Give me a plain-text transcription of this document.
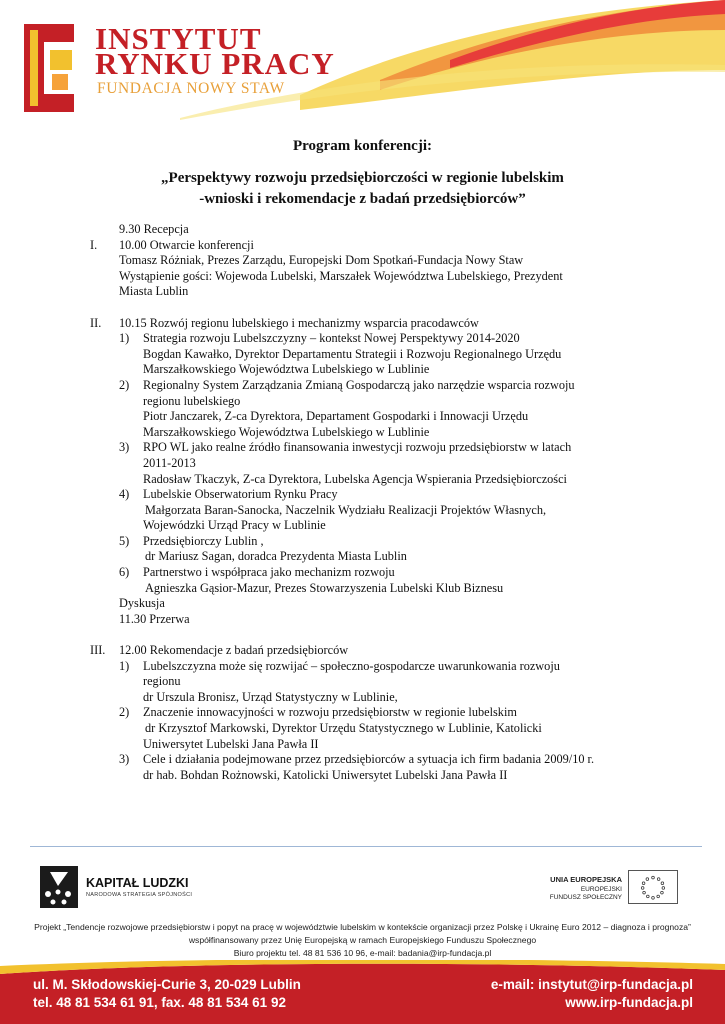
INSTYTUT
RYNKU PRACY
FUNDACJA NOWY STAW
Program konferencji:
„Perspektywy rozwoju przedsiębiorczości w regionie lubelskim
-wnioski i rekomendacje z badań przedsiębiorców”
9.30 Recepcja
I. 10.00 Otwarcie konferencji
Tomasz Różniak, Prezes Zarządu, Europejski Dom Spotkań-Fundacja Nowy Staw
Wystąpienie gości: Wojewoda Lubelski, Marszałek Województwa Lubelskiego, Prezydent
Miasta Lublin
II. 10.15 Rozwój regionu lubelskiego i mechanizmy wsparcia pracodawców
1) Strategia rozwoju Lubelszczyzny – kontekst Nowej Perspektywy 2014-2020
Bogdan Kawałko, Dyrektor Departamentu Strategii i Rozwoju Regionalnego Urzędu
Marszałkowskiego Województwa Lubelskiego w Lublinie
2) Regionalny System Zarządzania Zmianą Gospodarczą jako narzędzie wsparcia rozwoju
regionu lubelskiego
Piotr Janczarek, Z-ca Dyrektora, Departament Gospodarki i Innowacji Urzędu
Marszałkowskiego Województwa Lubelskiego w Lublinie
3) RPO WL jako realne źródło finansowania inwestycji rozwoju przedsiębiorstw w latach
2011-2013
Radosław Tkaczyk, Z-ca Dyrektora, Lubelska Agencja Wspierania Przedsiębiorczości
4) Lubelskie Obserwatorium Rynku Pracy
Małgorzata Baran-Sanocka, Naczelnik Wydziału Realizacji Projektów Własnych,
Wojewódzki Urząd Pracy w Lublinie
5) Przedsiębiorczy Lublin ,
dr Mariusz Sagan, doradca Prezydenta Miasta Lublin
6) Partnerstwo i współpraca jako mechanizm rozwoju
Agnieszka Gąsior-Mazur, Prezes Stowarzyszenia Lubelski Klub Biznesu
Dyskusja
11.30 Przerwa
III. 12.00 Rekomendacje z badań przedsiębiorców
1) Lubelszczyzna może się rozwijać – społeczno-gospodarcze uwarunkowania rozwoju
regionu
dr Urszula Bronisz, Urząd Statystyczny w Lublinie,
2) Znaczenie innowacyjności w rozwoju przedsiębiorstw w regionie lubelskim
dr Krzysztof Markowski, Dyrektor Urzędu Statystycznego w Lublinie, Katolicki
Uniwersytet Lubelski Jana Pawła II
3) Cele i działania podejmowane przez przedsiębiorców a sytuacja ich firm badania 2009/10 r.
dr hab. Bohdan Rożnowski, Katolicki Uniwersytet Lubelski Jana Pawła II
KAPITAŁ LUDZKI
NARODOWA STRATEGIA SPÓJNOŚCI
UNIA EUROPEJSKA
EUROPEJSKI
FUNDUSZ SPOŁECZNY
Projekt „Tendencje rozwojowe przedsiębiorstw i popyt na pracę w województwie lubelskim w kontekście organizacji przez Polskę i Ukrainę Euro 2012 – diagnoza i prognoza”
współfinansowany przez Unię Europejską w ramach Europejskiego Funduszu Społecznego
Biuro projektu tel. 48 81 536 10 96, e-mail: badania@irp-fundacja.pl
ul. M. Skłodowskiej-Curie 3, 20-029 Lublin
tel. 48 81 534 61 91, fax. 48 81 534 61 92
e-mail: instytut@irp-fundacja.pl
www.irp-fundacja.pl
